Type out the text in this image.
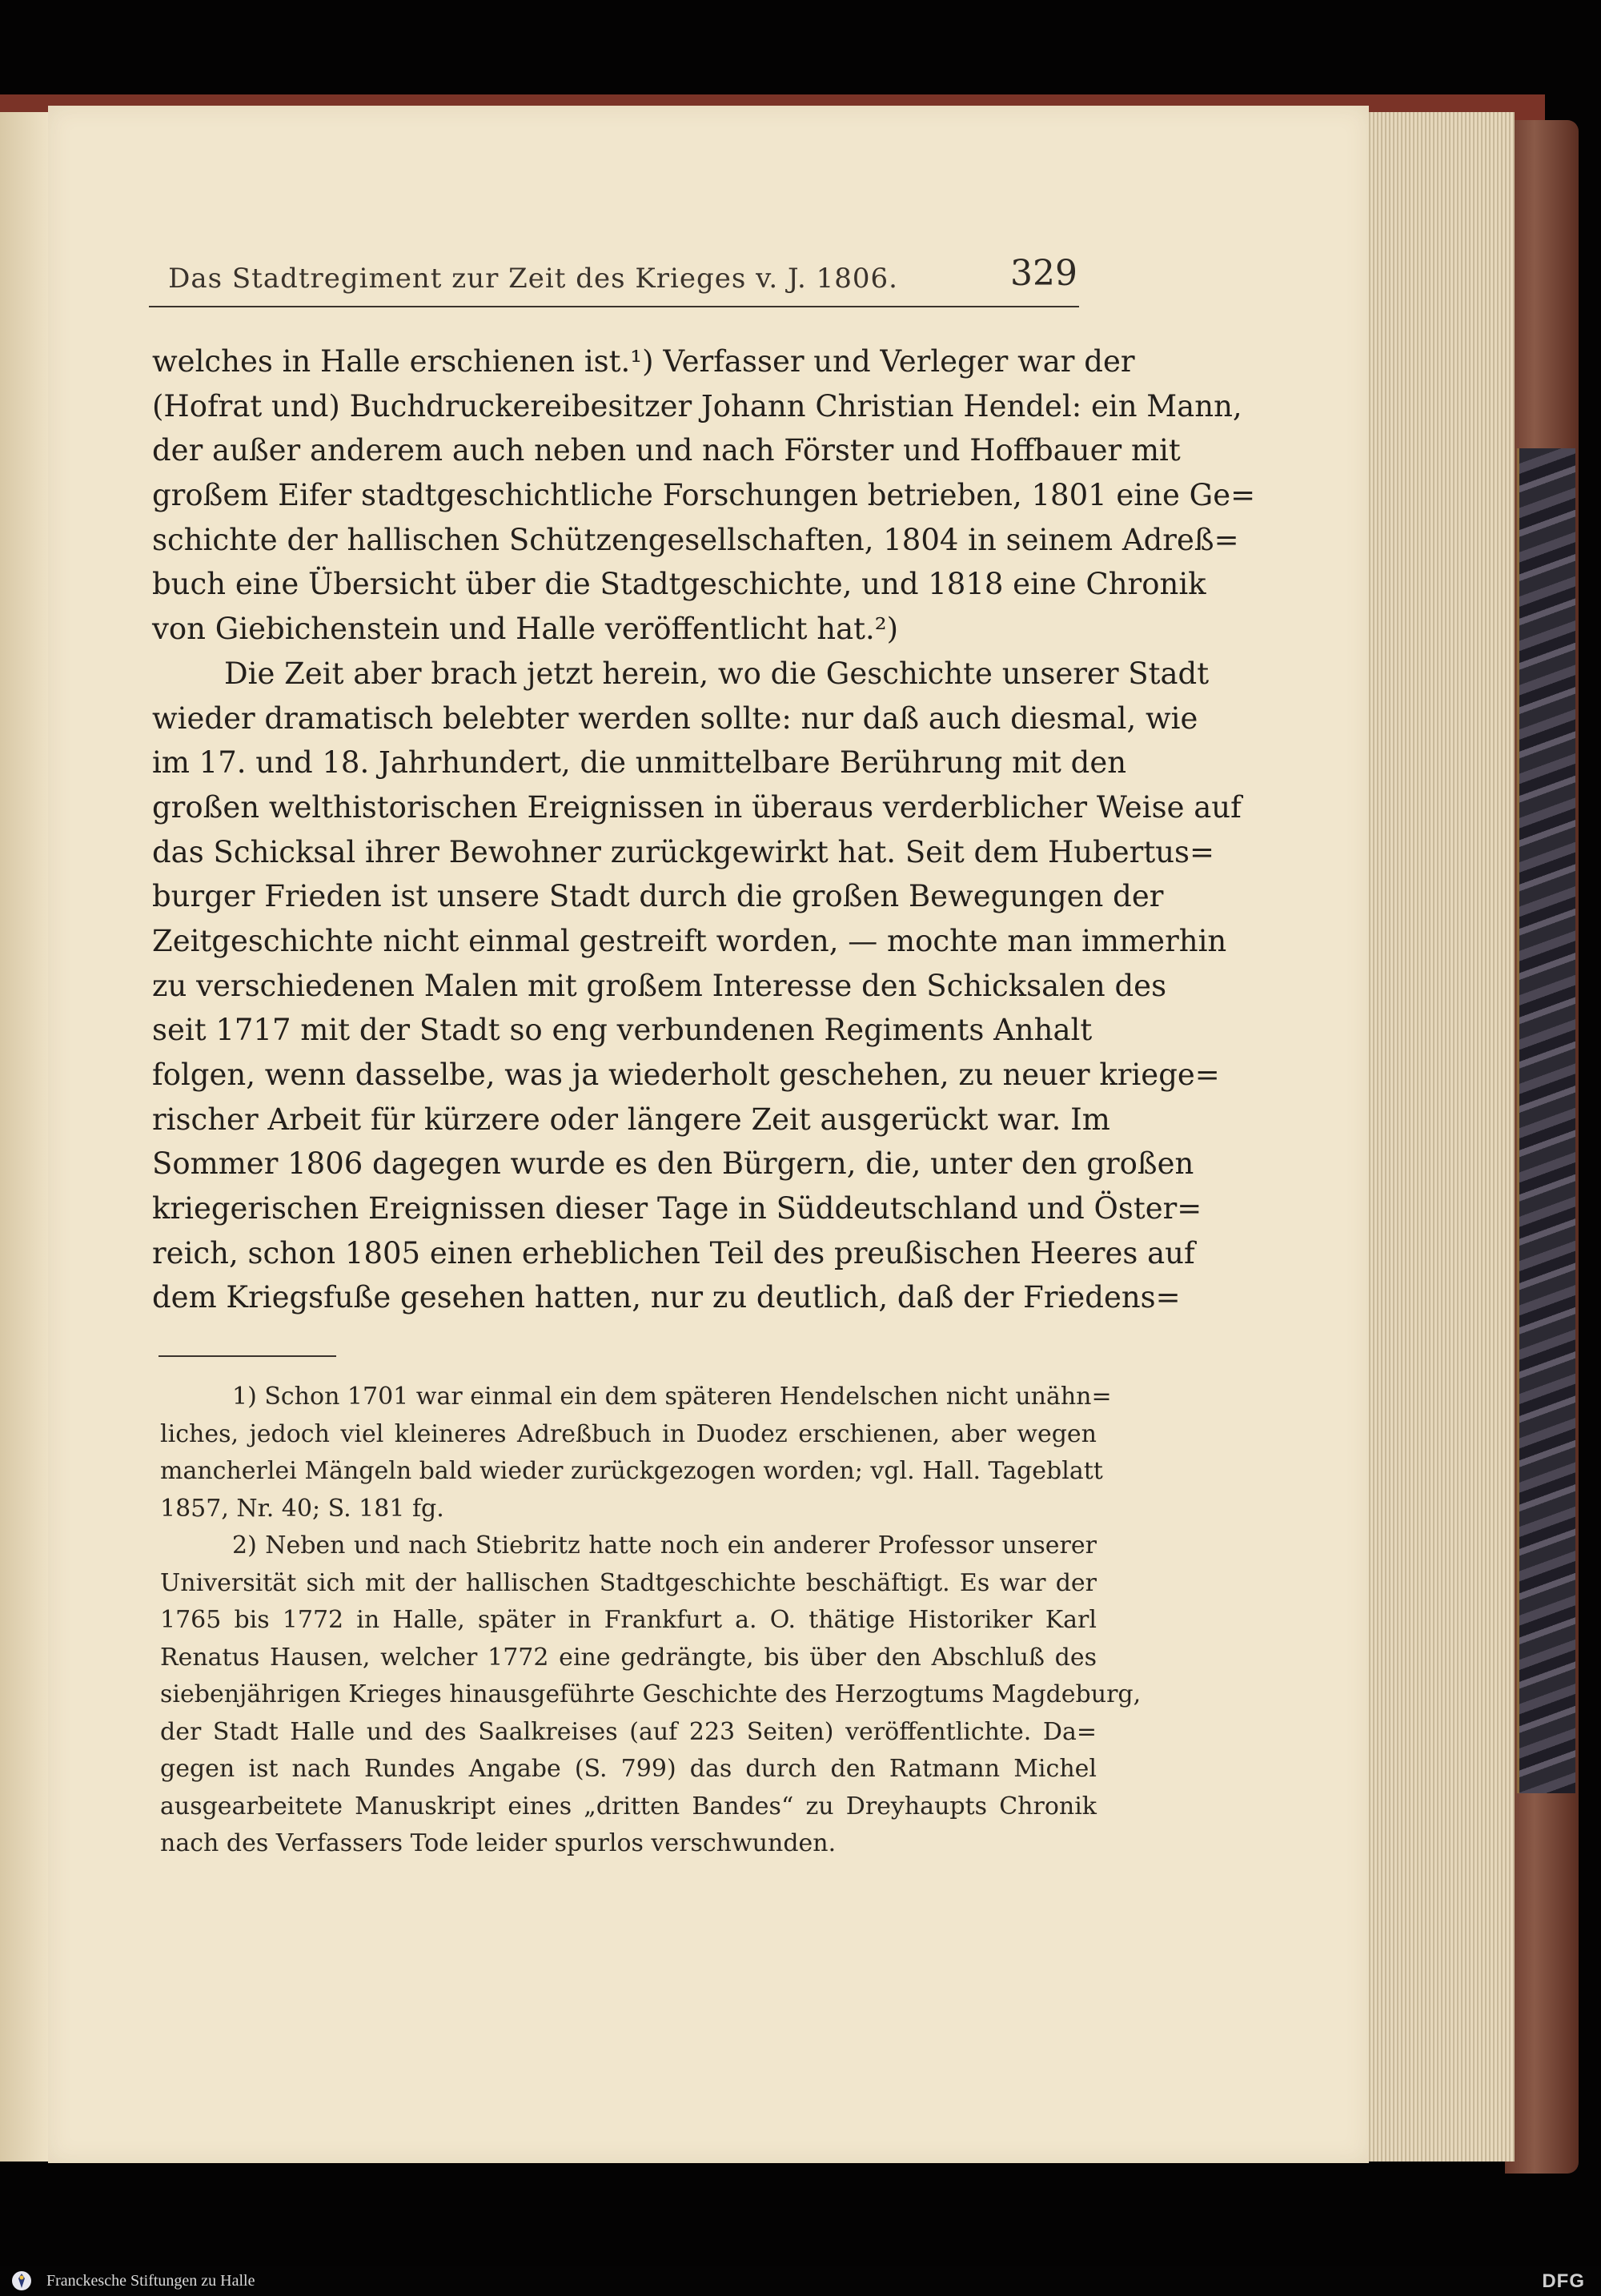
Das Stadtregiment zur Zeit des Krieges v. J. 1806.	329
welches in Halle erschienen ist.¹) Verfasser und Verleger war der
(Hofrat und) Buchdruckereibesitzer Johann Christian Hendel: ein Mann,
der außer anderem auch neben und nach Förster und Hoffbauer mit
großem Eifer stadtgeschichtliche Forschungen betrieben, 1801 eine Ge=
schichte der hallischen Schützengesellschaften, 1804 in seinem Adreß=
buch eine Übersicht über die Stadtgeschichte, und 1818 eine Chronik
von Giebichenstein und Halle veröffentlicht hat.²)
Die Zeit aber brach jetzt herein, wo die Geschichte unserer Stadt
wieder dramatisch belebter werden sollte: nur daß auch diesmal, wie
im 17. und 18. Jahrhundert, die unmittelbare Berührung mit den
großen welthistorischen Ereignissen in überaus verderblicher Weise auf
das Schicksal ihrer Bewohner zurückgewirkt hat. Seit dem Hubertus=
burger Frieden ist unsere Stadt durch die großen Bewegungen der
Zeitgeschichte nicht einmal gestreift worden, — mochte man immerhin
zu verschiedenen Malen mit großem Interesse den Schicksalen des
seit 1717 mit der Stadt so eng verbundenen Regiments Anhalt
folgen, wenn dasselbe, was ja wiederholt geschehen, zu neuer kriege=
rischer Arbeit für kürzere oder längere Zeit ausgerückt war. Im
Sommer 1806 dagegen wurde es den Bürgern, die, unter den großen
kriegerischen Ereignissen dieser Tage in Süddeutschland und Öster=
reich, schon 1805 einen erheblichen Teil des preußischen Heeres auf
dem Kriegsfuße gesehen hatten, nur zu deutlich, daß der Friedens=
1) Schon 1701 war einmal ein dem späteren Hendelschen nicht unähn=
liches, jedoch viel kleineres Adreßbuch in Duodez erschienen, aber wegen
mancherlei Mängeln bald wieder zurückgezogen worden; vgl. Hall. Tageblatt
1857, Nr. 40; S. 181 fg.
2) Neben und nach Stiebritz hatte noch ein anderer Professor unserer
Universität sich mit der hallischen Stadtgeschichte beschäftigt. Es war der
1765 bis 1772 in Halle, später in Frankfurt a. O. thätige Historiker Karl
Renatus Hausen, welcher 1772 eine gedrängte, bis über den Abschluß des
siebenjährigen Krieges hinausgeführte Geschichte des Herzogtums Magdeburg,
der Stadt Halle und des Saalkreises (auf 223 Seiten) veröffentlichte. Da=
gegen ist nach Rundes Angabe (S. 799) das durch den Ratmann Michel
ausgearbeitete Manuskript eines „dritten Bandes“ zu Dreyhaupts Chronik
nach des Verfassers Tode leider spurlos verschwunden.
Franckesche Stiftungen zu Halle	DFG
